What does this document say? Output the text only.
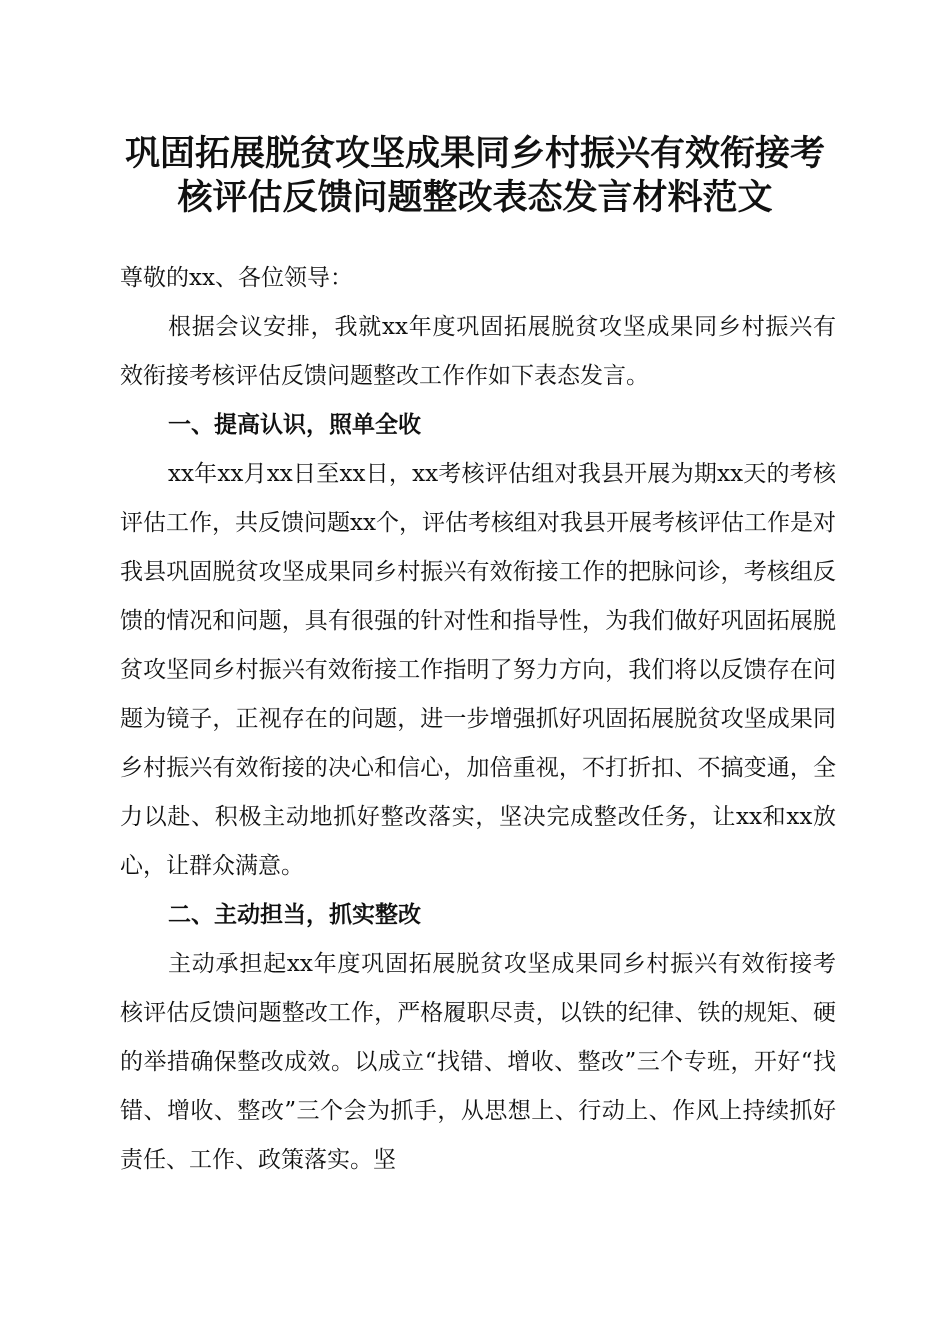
巩固拓展脱贫攻坚成果同乡村振兴有效衔接考
核评估反馈问题整改表态发言材料范文

尊敬的xx、各位领导：

根据会议安排，我就xx年度巩固拓展脱贫攻坚成果同乡村振兴有效衔接考核评估反馈问题整改工作作如下表态发言。

一、提高认识，照单全收

xx年xx月xx日至xx日，xx考核评估组对我县开展为期xx天的考核评估工作，共反馈问题xx个，评估考核组对我县开展考核评估工作是对我县巩固脱贫攻坚成果同乡村振兴有效衔接工作的把脉问诊，考核组反馈的情况和问题，具有很强的针对性和指导性，为我们做好巩固拓展脱贫攻坚同乡村振兴有效衔接工作指明了努力方向，我们将以反馈存在问题为镜子，正视存在的问题，进一步增强抓好巩固拓展脱贫攻坚成果同乡村振兴有效衔接的决心和信心，加倍重视，不打折扣、不搞变通，全力以赴、积极主动地抓好整改落实，坚决完成整改任务，让xx和xx放心，让群众满意。

二、主动担当，抓实整改

主动承担起xx年度巩固拓展脱贫攻坚成果同乡村振兴有效衔接考核评估反馈问题整改工作，严格履职尽责，以铁的纪律、铁的规矩、硬的举措确保整改成效。以成立“找错、增收、整改”三个专班，开好“找错、增收、整改”三个会为抓手，从思想上、行动上、作风上持续抓好责任、工作、政策落实。坚
